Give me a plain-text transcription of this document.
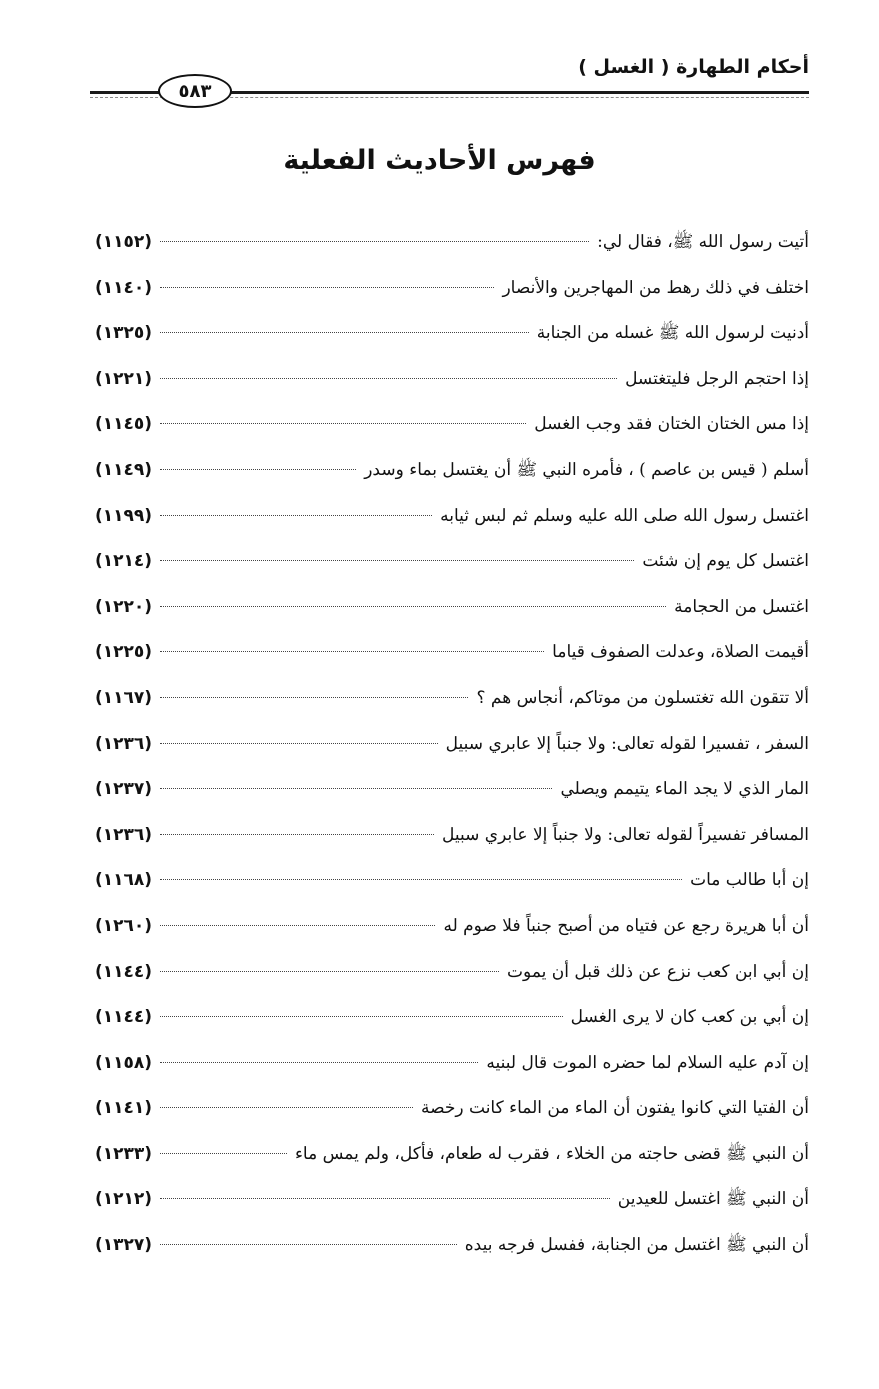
أحكام الطهارة ( الغسل )
٥٨٣
فهرس الأحاديث الفعلية
أتيت رسول الله ﷺ، فقال لي:
(١١٥٢)
اختلف في ذلك رهط من المهاجرين والأنصار
(١١٤٠)
أدنيت لرسول الله ﷺ غسله من الجنابة
(١٣٢٥)
إذا احتجم الرجل فليتغتسل
(١٢٢١)
إذا مس الختان الختان فقد وجب الغسل
(١١٤٥)
أسلم ( قيس بن عاصم ) ، فأمره النبي ﷺ أن يغتسل بماء وسدر
(١١٤٩)
اغتسل رسول الله صلى الله عليه وسلم ثم لبس ثيابه
(١١٩٩)
اغتسل كل يوم إن شئت
(١٢١٤)
اغتسل من الحجامة
(١٢٢٠)
أقيمت الصلاة، وعدلت الصفوف قياما
(١٢٢٥)
ألا تتقون الله تغتسلون من موتاكم، أنجاس هم ؟
(١١٦٧)
السفر ، تفسيرا لقوله تعالى: ولا جنباً إلا عابري سبيل
(١٢٣٦)
المار الذي لا يجد الماء يتيمم ويصلي
(١٢٣٧)
المسافر تفسيراً لقوله تعالى: ولا جنباً إلا عابري سبيل
(١٢٣٦)
إن أبا طالب مات
(١١٦٨)
أن أبا هريرة رجع عن فتياه من أصبح جنباً فلا صوم له
(١٢٦٠)
إن أبي ابن كعب نزع عن ذلك قبل أن يموت
(١١٤٤)
إن أبي بن كعب كان لا يرى الغسل
(١١٤٤)
إن آدم عليه السلام لما حضره الموت قال لبنيه
(١١٥٨)
أن الفتيا التي كانوا يفتون أن الماء من الماء كانت رخصة
(١١٤١)
أن النبي ﷺ قضى حاجته من الخلاء ، فقرب له طعام، فأكل، ولم يمس ماء
(١٢٣٣)
أن النبي ﷺ اغتسل للعيدين
(١٢١٢)
أن النبي ﷺ اغتسل من الجنابة، ففسل فرجه بيده
(١٣٢٧)
